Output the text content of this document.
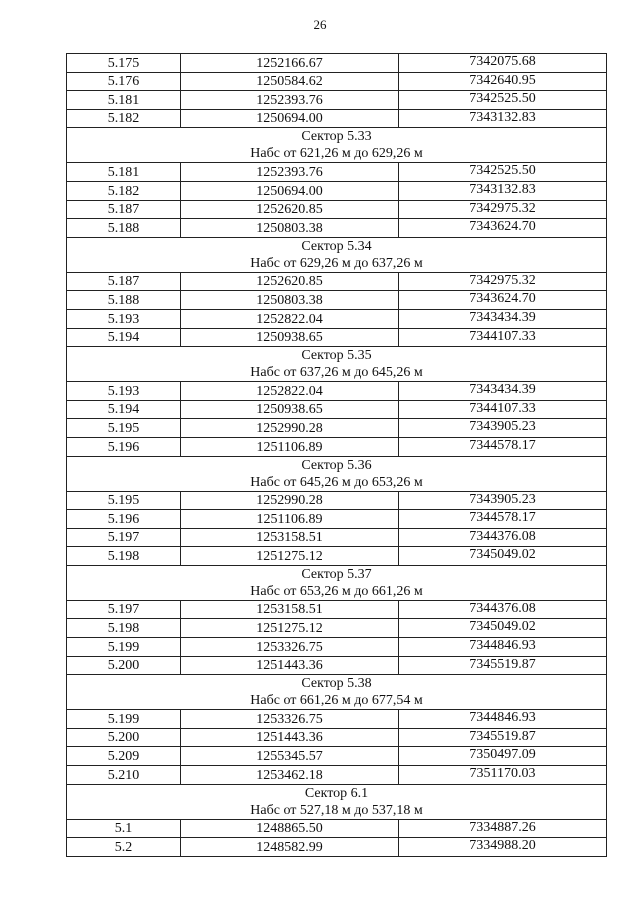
26
5.175	1252166.67	7342075.68
5.176	1250584.62	7342640.95
5.181	1252393.76	7342525.50
5.182	1250694.00	7343132.83

Сектор 5.33
Набс от 621,26 м до 629,26 м		

5.181	1252393.76	7342525.50
5.182	1250694.00	7343132.83
5.187	1252620.85	7342975.32
5.188	1250803.38	7343624.70

Сектор 5.34
Набс от 629,26 м до 637,26 м		

5.187	1252620.85	7342975.32
5.188	1250803.38	7343624.70
5.193	1252822.04	7343434.39
5.194	1250938.65	7344107.33

Сектор 5.35
Набс от 637,26 м до 645,26 м		

5.193	1252822.04	7343434.39
5.194	1250938.65	7344107.33
5.195	1252990.28	7343905.23
5.196	1251106.89	7344578.17

Сектор 5.36
Набс от 645,26 м до 653,26 м		

5.195	1252990.28	7343905.23
5.196	1251106.89	7344578.17
5.197	1253158.51	7344376.08
5.198	1251275.12	7345049.02

Сектор 5.37
Набс от 653,26 м до 661,26 м		

5.197	1253158.51	7344376.08
5.198	1251275.12	7345049.02
5.199	1253326.75	7344846.93
5.200	1251443.36	7345519.87

Сектор 5.38
Набс от 661,26 м до 677,54 м		

5.199	1253326.75	7344846.93
5.200	1251443.36	7345519.87
5.209	1255345.57	7350497.09
5.210	1253462.18	7351170.03

Сектор 6.1
Набс от 527,18 м до 537,18 м		

5.1	1248865.50	7334887.26
5.2	1248582.99	7334988.20
